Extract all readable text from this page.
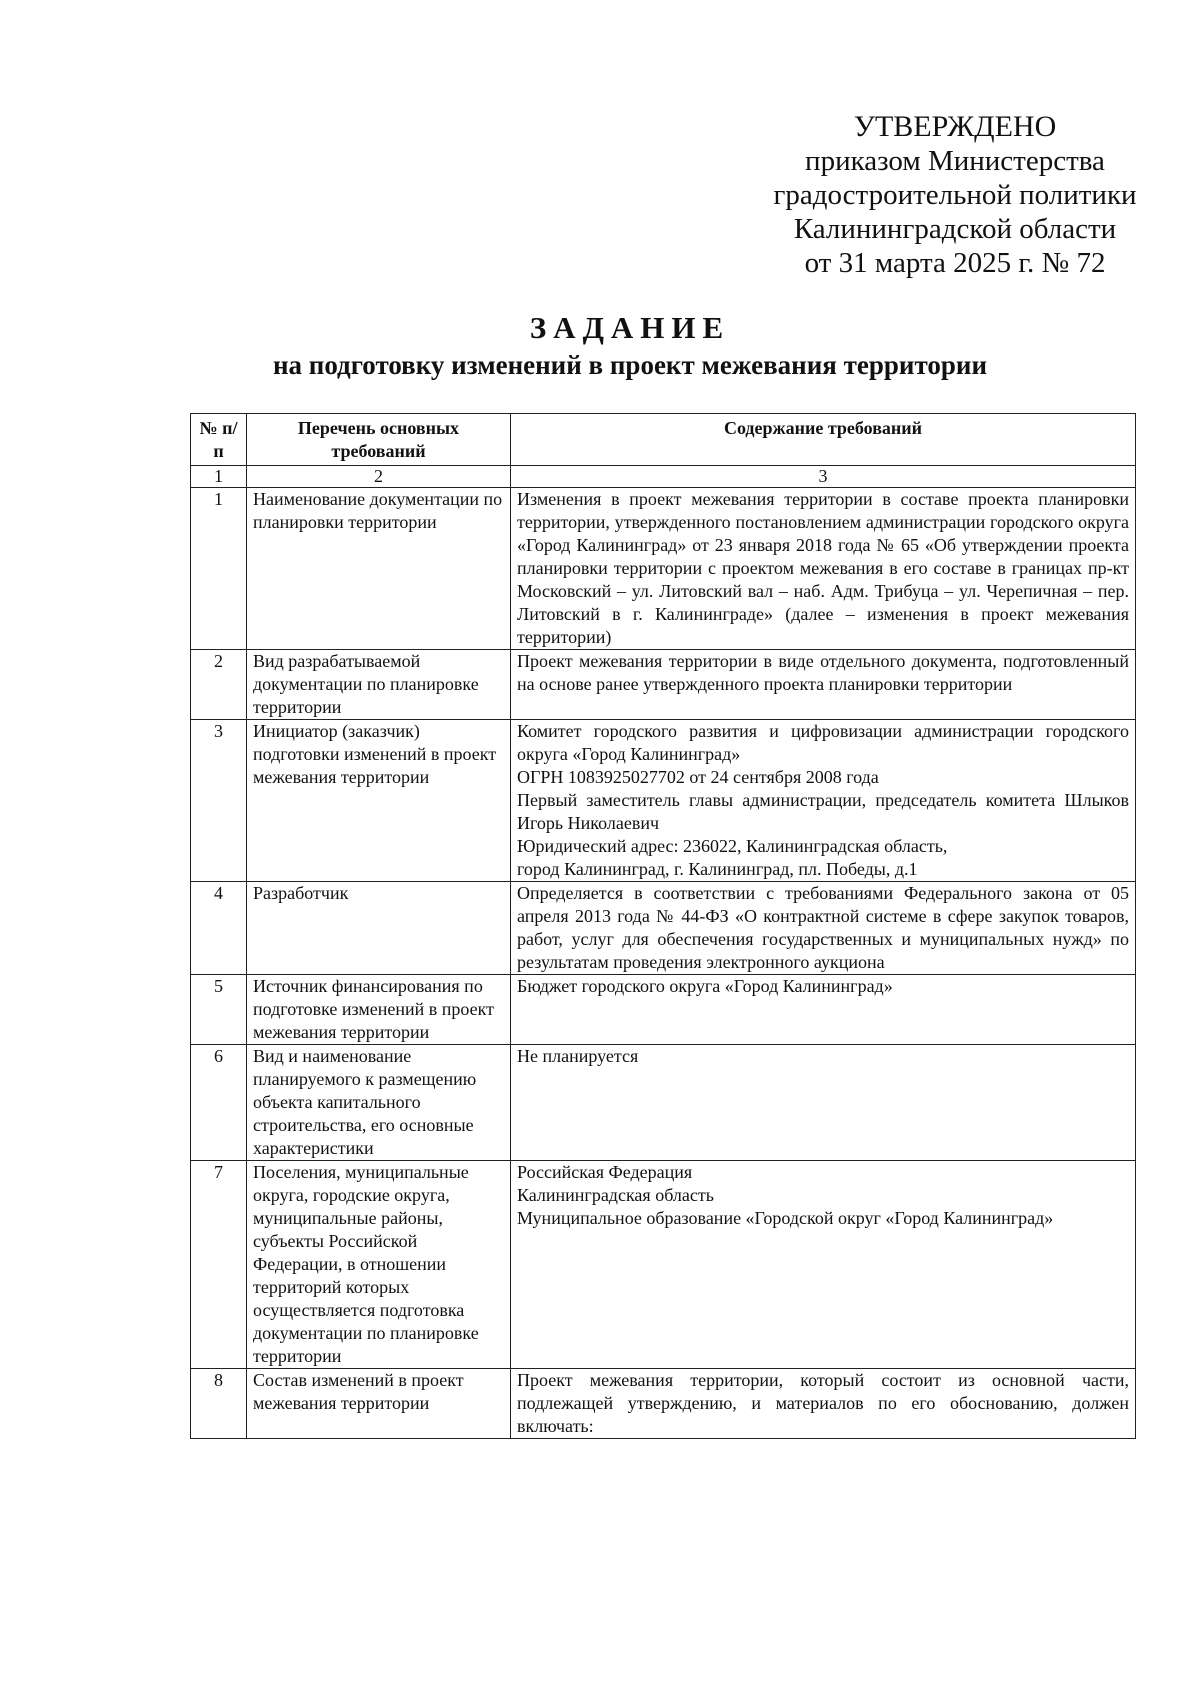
УТВЕРЖДЕНО
приказом Министерства
градостроительной политики
Калининградской области
от 31 марта 2025 г. № 72
ЗАДАНИЕ
на подготовку изменений в проект межевания территории
№ п/п	Перечень основных требований	Содержание требований
1	2	3
1	Наименование документации по планировки территории	Изменения в проект межевания территории в составе проекта планировки территории, утвержденного постановлением администрации городского округа «Город Калининград» от 23 января 2018 года № 65 «Об утверждении проекта планировки территории с проектом межевания в его составе в границах пр-кт Московский – ул. Литовский вал – наб. Адм. Трибуца – ул. Черепичная – пер. Литовский в г. Калининграде» (далее – изменения в проект межевания территории)
2	Вид разрабатываемой документации по планировке территории	Проект межевания территории в виде отдельного документа, подготовленный на основе ранее утвержденного проекта планировки территории
3	Инициатор (заказчик) подготовки изменений в проект межевания территории	Комитет городского развития и цифровизации администрации городского округа «Город Калининград»
ОГРН 1083925027702 от 24 сентября 2008 года
Первый заместитель главы администрации, председатель комитета Шлыков Игорь Николаевич
Юридический адрес: 236022, Калининградская область,
город Калининград, г. Калининград, пл. Победы, д.1

4	Разработчик	Определяется в соответствии с требованиями Федерального закона от 05 апреля 2013 года № 44-ФЗ «О контрактной системе в сфере закупок товаров, работ, услуг для обеспечения государственных и муниципальных нужд» по результатам проведения электронного аукциона
5	Источник финансирования по подготовке изменений в проект межевания территории	Бюджет городского округа «Город Калининград»
6	Вид и наименование планируемого к размещению объекта капитального строительства, его основные характеристики	Не планируется
7	Поселения, муниципальные округа, городские округа, муниципальные районы, субъекты Российской Федерации, в отношении территорий которых осуществляется подготовка документации по планировке территории	Российская Федерация
Калининградская область
Муниципальное образование «Городской округ «Город Калининград»

8	Состав изменений в проект межевания территории	Проект межевания территории, который состоит из основной части, подлежащей утверждению, и материалов по его обоснованию, должен включать:
